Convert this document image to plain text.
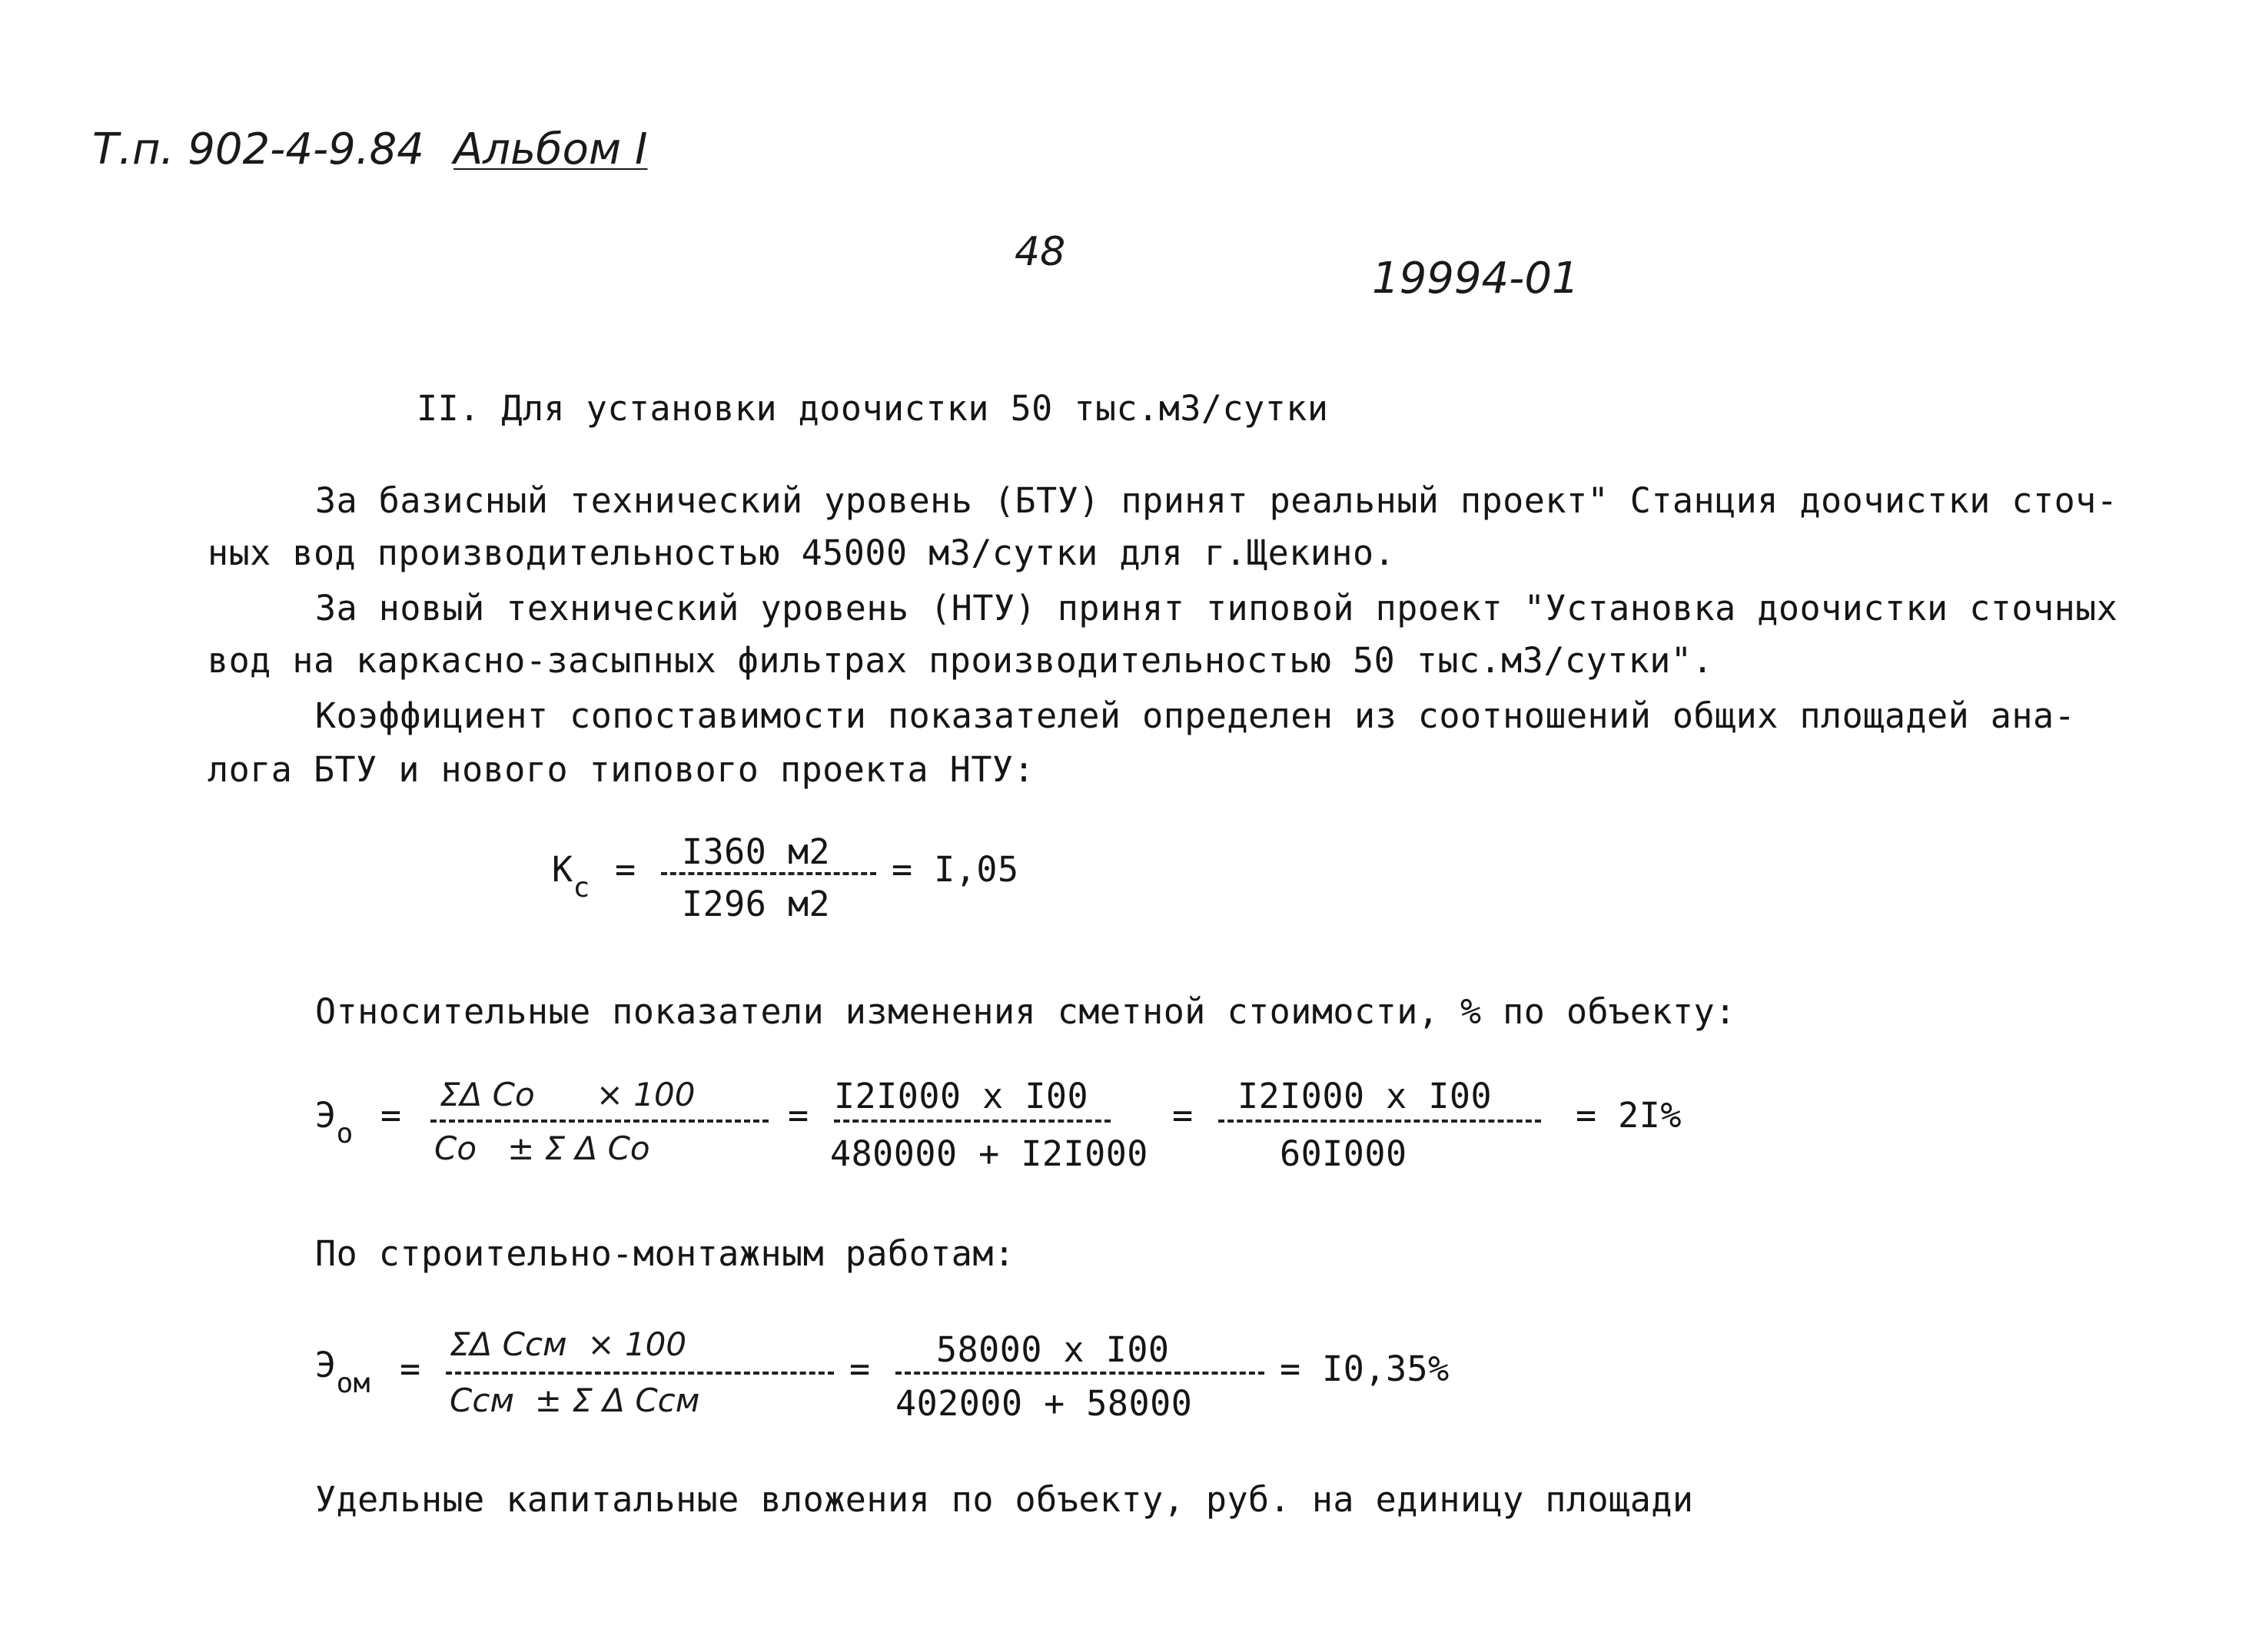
Т.п. 902-4-9.84 Альбом I
48
19994-01
II. Для установки доочистки 50 тыс.м3/сутки
За базисный технический уровень (БТУ) принят реальный проект" Станция доочистки сточ-
ных вод производительностью 45000 м3/сутки для г.Щекино.
За новый технический уровень (НТУ) принят типовой проект "Установка доочистки сточных
вод на каркасно-засыпных фильтрах производительностью 50 тыс.м3/сутки".
Коэффициент сопоставимости показателей определен из соотношений общих площадей ана-
лога БТУ и нового типового проекта НТУ:
$К_с = I360$ м2
I296 м2
= I,05
Относительные показатели изменения сметной стоимости, % по объекту:
$Э_о$ =
ΣΔ Co      × 100
Co   ± Σ Δ Co
= I2I000 x I00
480000 + I2I000
= I2I000 x I00
60I000
= 2I%
По строительно-монтажным работам:
$Э_{ом}$ =
ΣΔ Cсм  × 100
Cсм  ± Σ Δ Cсм
= 58000 x I00
402000 + 58000
= I0,35%
Удельные капитальные вложения по объекту, руб. на единицу площади
